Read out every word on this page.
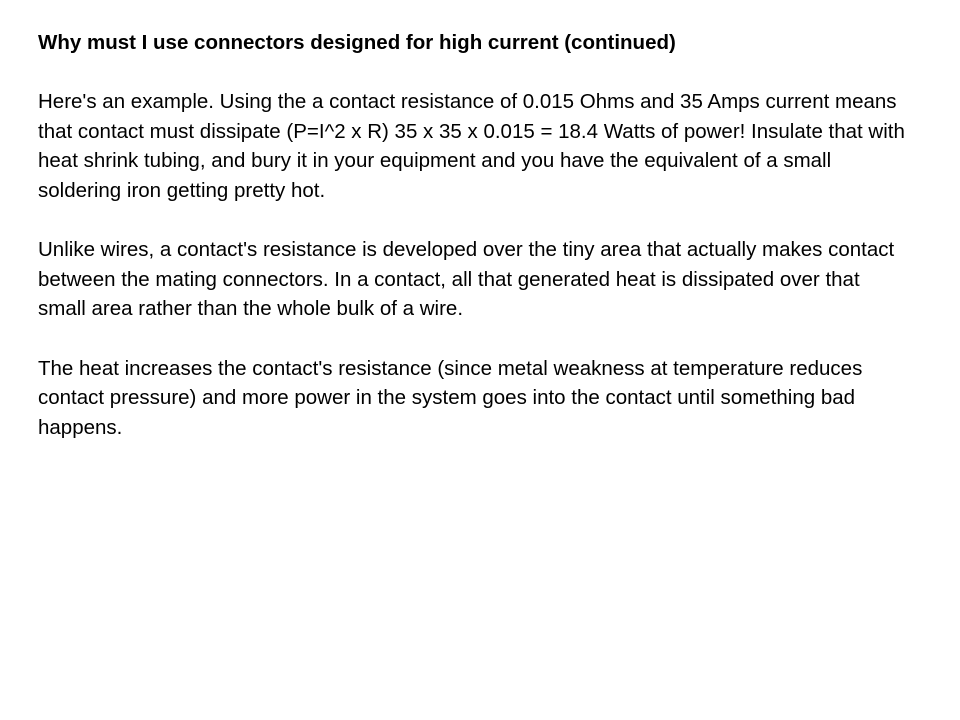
Why must I use connectors designed for high current (continued)

Here's an example. Using the a contact resistance of 0.015 Ohms and 35 Amps current means that contact must dissipate (P=I^2 x R) 35 x 35 x 0.015 = 18.4 Watts of power! Insulate that with heat shrink tubing, and bury it in your equipment and you have the equivalent of a small soldering iron getting pretty hot.

Unlike wires, a contact's resistance is developed over the tiny area that actually makes contact between the mating connectors. In a contact, all that generated heat is dissipated over that small area rather than the whole bulk of a wire.

The heat increases the contact's resistance (since metal weakness at temperature reduces contact pressure) and more power in the system goes into the contact until something bad happens.
